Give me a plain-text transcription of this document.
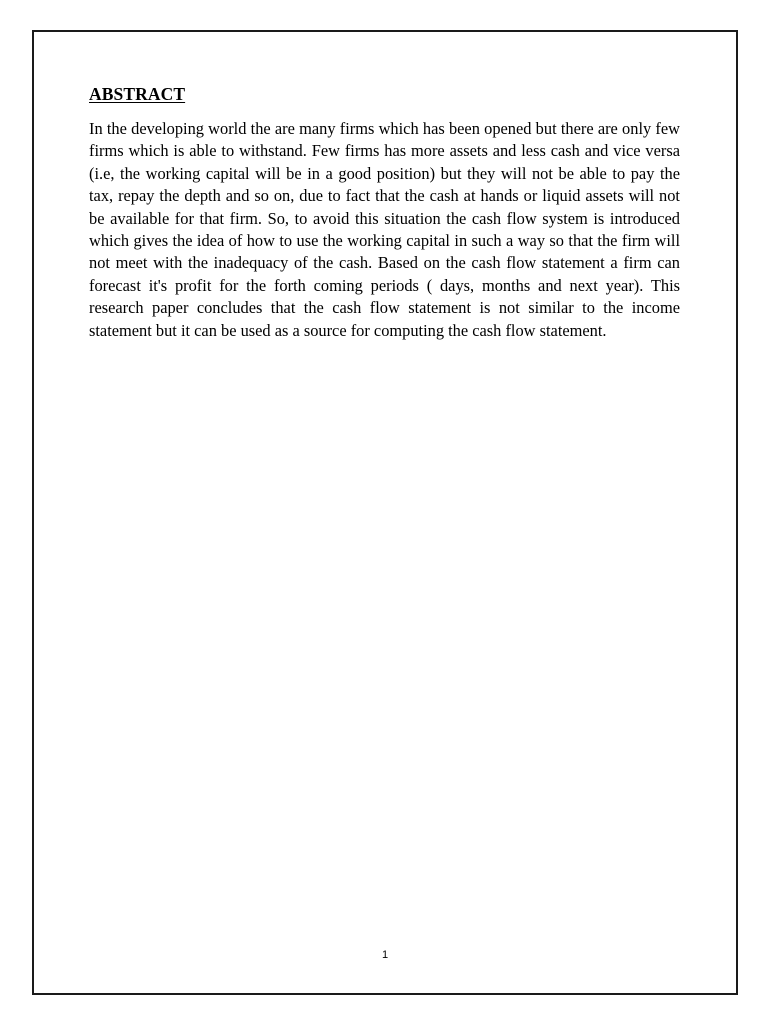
ABSTRACT

In the developing world the are many firms which has been opened but there are only few firms which is able to withstand. Few firms has more assets and less cash and vice versa (i.e, the working capital will be in a good position) but they will not be able to pay the tax, repay the depth and so on, due to fact that the cash at hands or liquid assets will not be available for that firm. So, to avoid this situation the cash flow system is introduced which gives the idea of how to use the working capital in such a way so that the firm will not meet with the inadequacy of the cash. Based on the cash flow statement a firm can forecast it's profit for the forth coming periods ( days, months and next year). This research paper concludes that the cash flow statement is not similar to the income statement but it can be used as a source for computing the cash flow statement.

1
